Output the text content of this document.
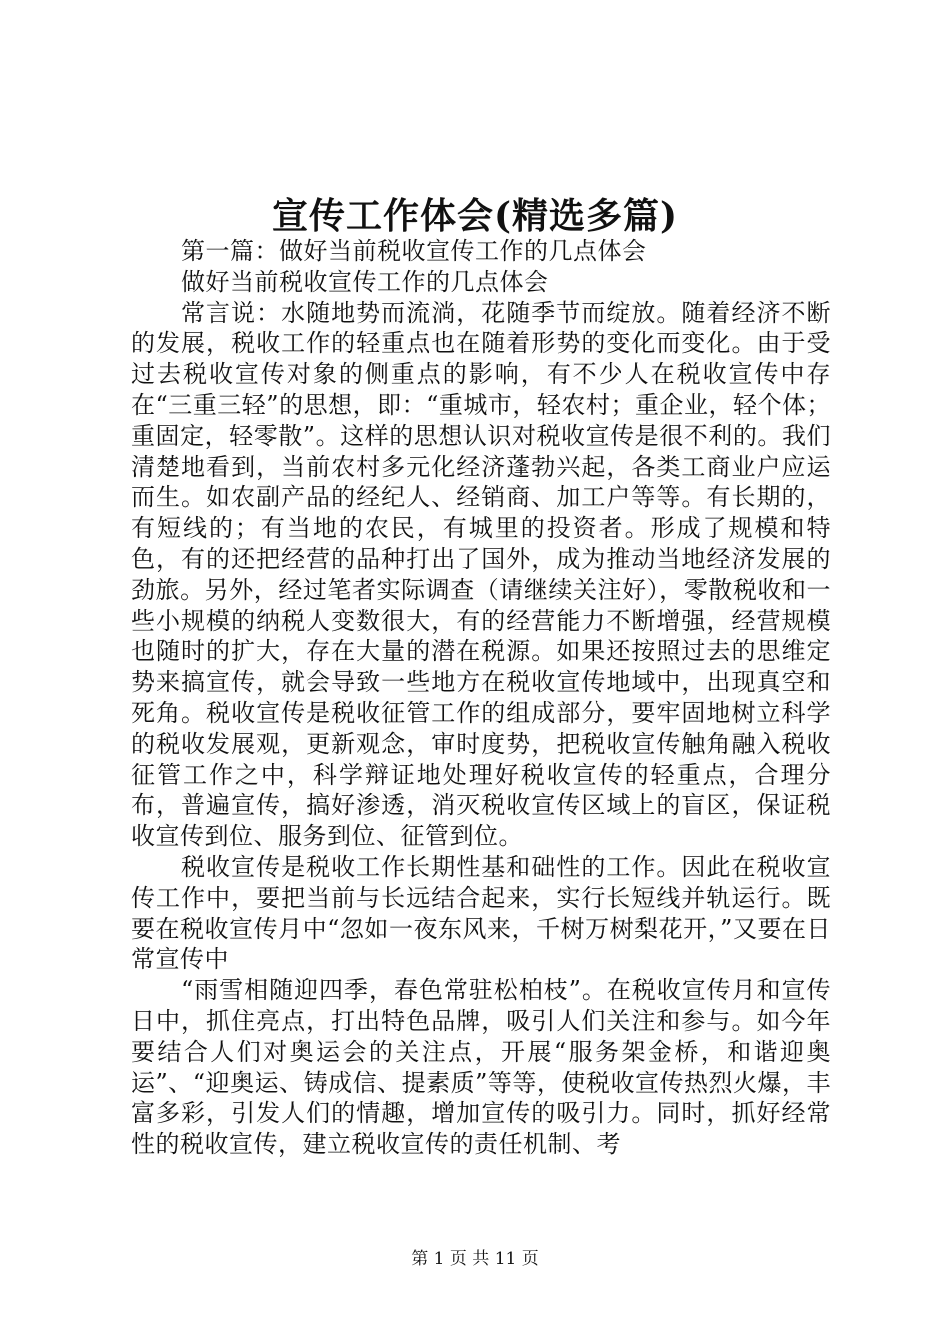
宣传工作体会(精选多篇)

第一篇：做好当前税收宣传工作的几点体会

做好当前税收宣传工作的几点体会

常言说：水随地势而流淌，花随季节而绽放。随着经济不断的发展，税收工作的轻重点也在随着形势的变化而变化。由于受过去税收宣传对象的侧重点的影响，有不少人在税收宣传中存在“三重三轻”的思想，即：“重城市，轻农村；重企业，轻个体；重固定，轻零散”。这样的思想认识对税收宣传是很不利的。我们清楚地看到，当前农村多元化经济蓬勃兴起，各类工商业户应运而生。如农副产品的经纪人、经销商、加工户等等。有长期的，有短线的；有当地的农民，有城里的投资者。形成了规模和特色，有的还把经营的品种打出了国外，成为推动当地经济发展的劲旅。另外，经过笔者实际调查（请继续关注好），零散税收和一些小规模的纳税人变数很大，有的经营能力不断增强，经营规模也随时的扩大，存在大量的潜在税源。如果还按照过去的思维定势来搞宣传，就会导致一些地方在税收宣传地域中，出现真空和死角。税收宣传是税收征管工作的组成部分，要牢固地树立科学的税收发展观，更新观念，审时度势，把税收宣传触角融入税收征管工作之中，科学辩证地处理好税收宣传的轻重点，合理分布，普遍宣传，搞好渗透，消灭税收宣传区域上的盲区，保证税收宣传到位、服务到位、征管到位。

税收宣传是税收工作长期性基和础性的工作。因此在税收宣传工作中，要把当前与长远结合起来，实行长短线并轨运行。既要在税收宣传月中“忽如一夜东风来，千树万树梨花开，”又要在日常宣传中

“雨雪相随迎四季，春色常驻松柏枝”。在税收宣传月和宣传日中，抓住亮点，打出特色品牌，吸引人们关注和参与。如今年要结合人们对奥运会的关注点，开展“服务架金桥，和谐迎奥运”、“迎奥运、铸成信、提素质”等等，使税收宣传热烈火爆，丰富多彩，引发人们的情趣，增加宣传的吸引力。同时，抓好经常性的税收宣传，建立税收宣传的责任机制、考

第 1 页 共 11 页
